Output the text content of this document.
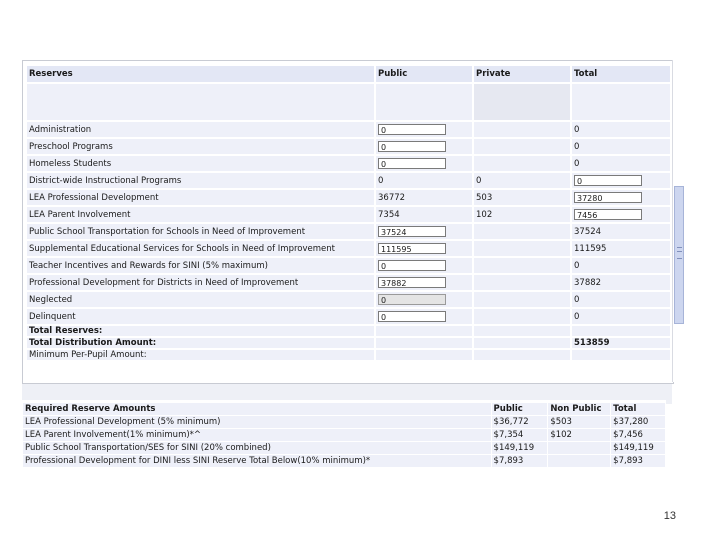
Reserves	Public	Private	Total

Administration	0		0
Preschool Programs	0		0
Homeless Students	0		0
District-wide Instructional Programs	0	0	0
LEA Professional Development	36772	503	37280
LEA Parent Involvement	7354	102	7456
Public School Transportation for Schools in Need of Improvement	37524		37524
Supplemental Educational Services for Schools in Need of Improvement	111595		111595
Teacher Incentives and Rewards for SINI (5% maximum)	0		0
Professional Development for Districts in Need of Improvement	37882		37882
Neglected	0		0
Delinquent	0		0
Total Reserves:			
Total Distribution Amount:			513859
Minimum Per-Pupil Amount:			
Required Reserve Amounts	Public	Non Public	Total
LEA Professional Development (5% minimum)	$36,772	$503	$37,280
LEA Parent Involvement(1% minimum)*^	$7,354	$102	$7,456
Public School Transportation/SES for SINI (20% combined)	$149,119		$149,119
Professional Development for DINI less SINI Reserve Total Below(10% minimum)*	$7,893		$7,893
13
